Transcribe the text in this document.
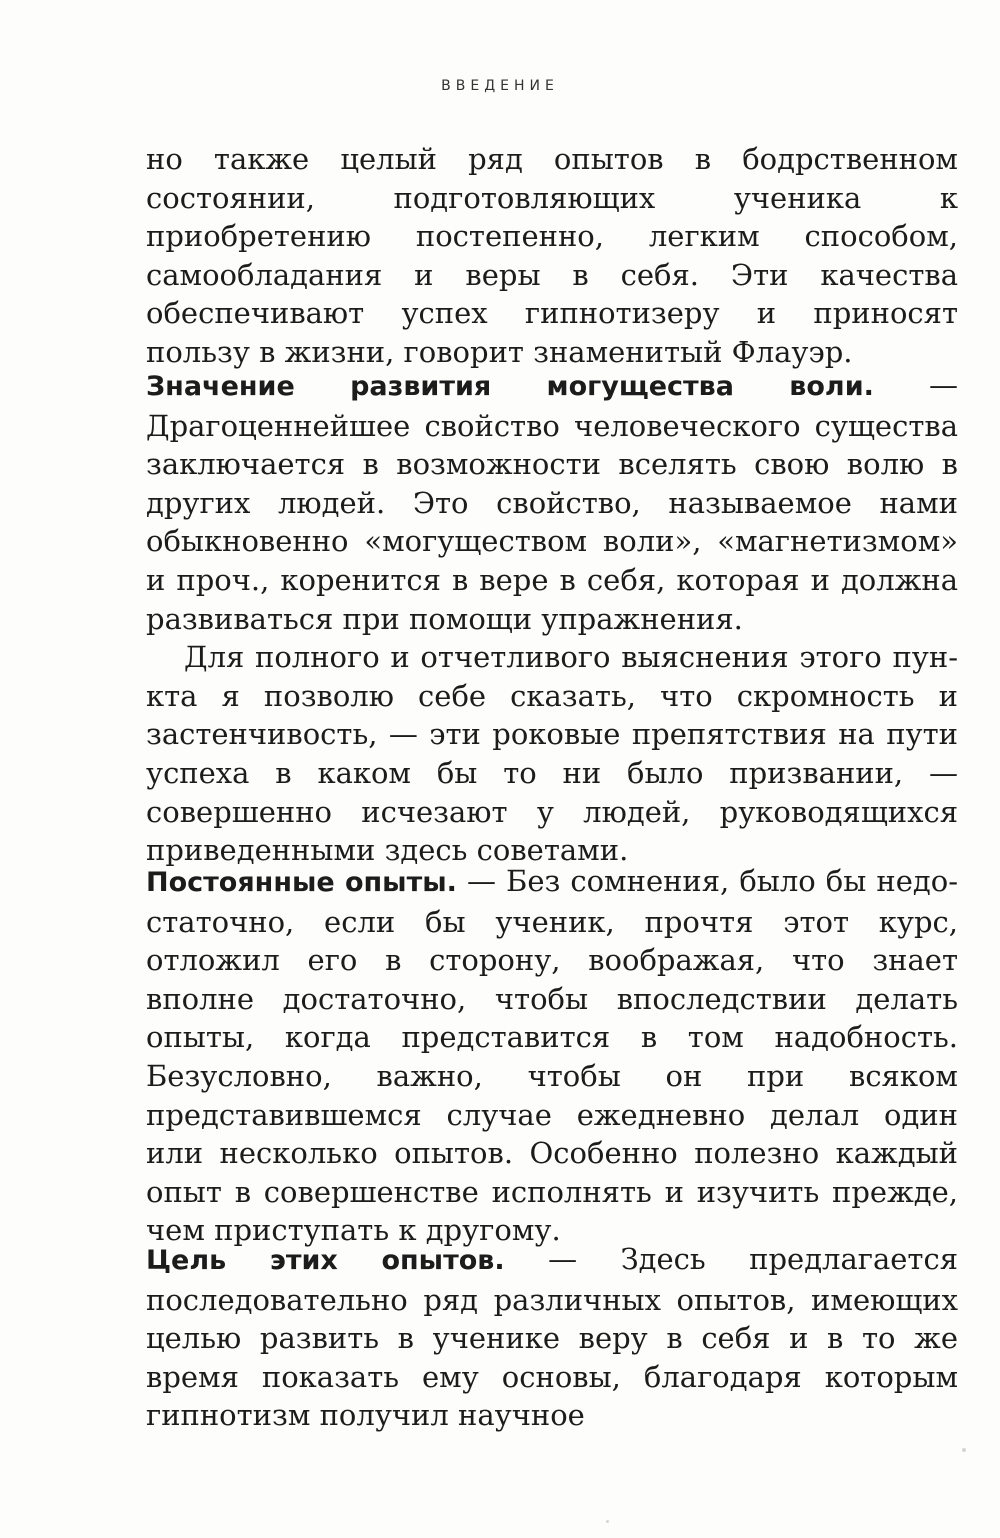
ВВЕДЕНИЕ

но также целый ряд опытов в бодрственном состоянии, подготовляющих ученика к приобретению постепенно, легким способом, самообладания и веры в себя. Эти качества обеспечивают успех гипнотизеру и приносят пользу в жизни, говорит знаменитый Флауэр.

Значение развития могущества воли. — Драгоценнейшее свойство человеческого существа заключается в возможности вселять свою волю в других людей. Это свойство, называемое нами обыкновенно «могуществом воли», «магнетизмом» и проч., коренится в вере в себя, которая и должна развиваться при помощи упражнения.

Для полного и отчетливого выяснения этого пункта я позволю себе сказать, что скромность и застенчивость, — эти роковые препятствия на пути успеха в каком бы то ни было призвании, — совершенно исчезают у людей, руководящихся приведенными здесь советами.

Постоянные опыты. — Без сомнения, было бы недостаточно, если бы ученик, прочтя этот курс, отложил его в сторону, воображая, что знает вполне достаточно, чтобы впоследствии делать опыты, когда представится в том надобность. Безусловно, важно, чтобы он при всяком представившемся случае ежедневно делал один или несколько опытов. Особенно полезно каждый опыт в совершенстве исполнять и изучить прежде, чем приступать к другому.

Цель этих опытов. — Здесь предлагается последовательно ряд различных опытов, имеющих целью развить в ученике веру в себя и в то же время показать ему основы, благодаря которым гипнотизм получил научное
